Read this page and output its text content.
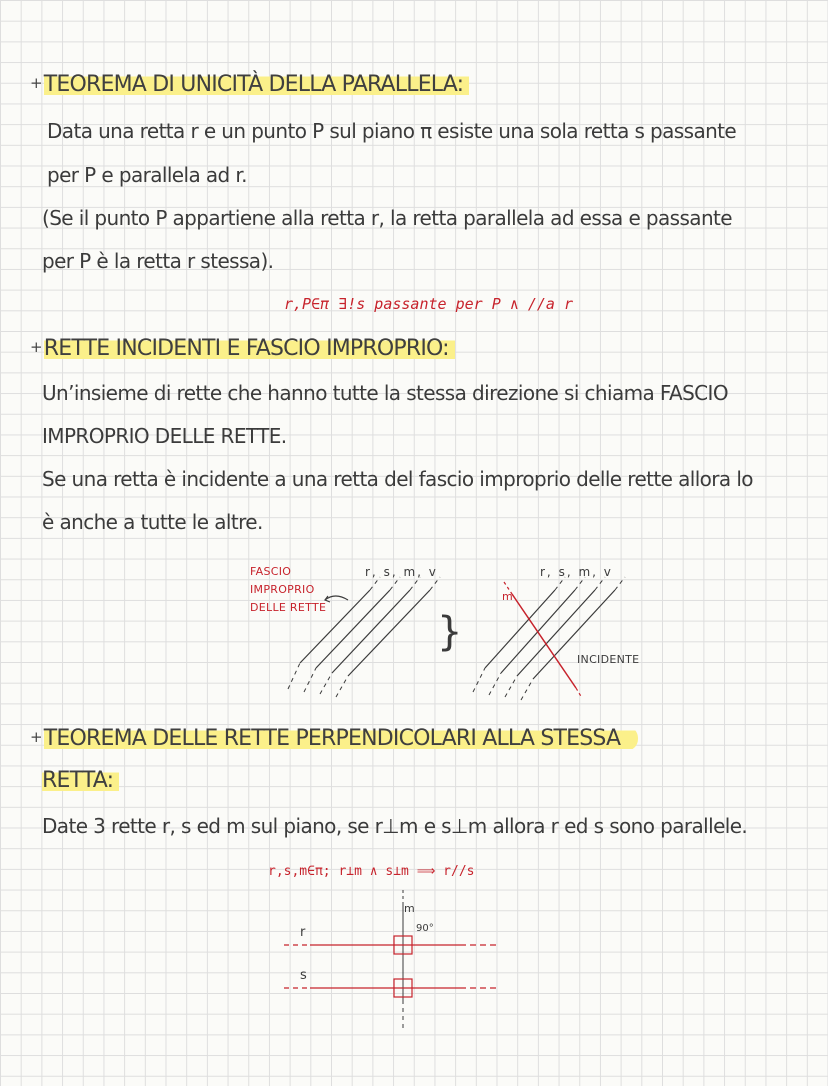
+TEOREMA DI UNICITÀ DELLA PARALLELA:
Data una retta r e un punto P sul piano π esiste una sola retta s passante
per P e parallela ad r.
(Se il punto P appartiene alla retta r, la retta parallela ad essa e passante
per P è la retta r stessa).
r,P∈π ∃!s passante per P ∧ //a r
+RETTE INCIDENTI E FASCIO IMPROPRIO:
Un’insieme di rette che hanno tutte la stessa direzione si chiama FASCIO
IMPROPRIO DELLE RETTE.
Se una retta è incidente a una retta del fascio improprio delle rette allora lo
è anche a tutte le altre.
FASCIO
IMPROPRIO
DELLE RETTE
r, s, m, v	r, s, m, v
}
m
INCIDENTE
+TEOREMA DELLE RETTE PERPENDICOLARI ALLA STESSA
RETTA:
Date 3 rette r, s ed m sul piano, se r⊥m e s⊥m allora r ed s sono parallele.
r,s,m∈π; r⊥m ∧ s⊥m ⟹ r//s
r
s
m
90°
